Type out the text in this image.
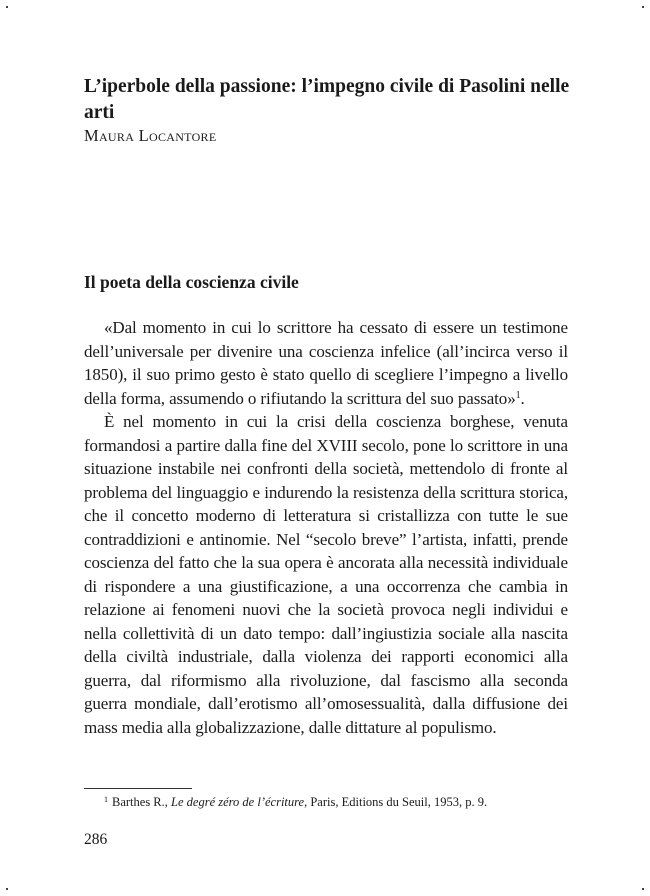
L’iperbole della passione: l’impegno civile di Pasolini nelle arti

Maura Locantore

Il poeta della coscienza civile

«Dal momento in cui lo scrittore ha cessato di essere un testimone dell’universale per divenire una coscienza infelice (all’incirca verso il 1850), il suo primo gesto è stato quello di scegliere l’impegno a livello della forma, assumendo o rifiutando la scrittura del suo passato»$^1$.

È nel momento in cui la crisi della coscienza borghese, venuta formandosi a partire dalla fine del XVIII secolo, pone lo scrittore in una situazione instabile nei confronti della società, mettendolo di fronte al problema del linguaggio e indurendo la resistenza della scrittura storica, che il concetto moderno di letteratura si cristallizza con tutte le sue contraddizioni e antinomie. Nel “secolo breve” l’artista, infatti, prende coscienza del fatto che la sua opera è ancorata alla necessità individuale di rispondere a una giustificazione, a una occorrenza che cambia in relazione ai fenomeni nuovi che la società provoca negli individui e nella collettività di un dato tempo: dall’ingiustizia sociale alla nascita della civiltà industriale, dalla violenza dei rapporti economici alla guerra, dal riformismo alla rivoluzione, dal fascismo alla seconda guerra mondiale, dall’erotismo all’omosessualità, dalla diffusione dei mass media alla globalizzazione, dalle dittature al populismo.

$^1$ Barthes R., Le degré zéro de l’écriture, Paris, Editions du Seuil, 1953, p. 9.

286
